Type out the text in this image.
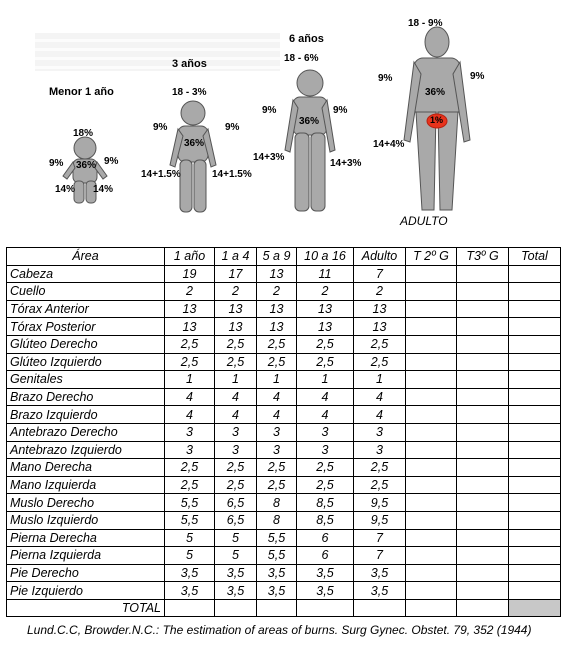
Menor 1 año
3 años
6 años
ADULTO
18%
9%	9%
36%
14% 14%
18 - 3%
9%	9%
36%
14+1.5%	14+1.5%
18 - 6%
9%	9%
36%
14+3%
14+3%
18 - 9%
9%	9%
36%
1%
14+4%
Área	1 año	1 a 4	5 a 9	10 a 16	Adulto	T 2º G	T3º G	Total
Cabeza	19	17	13	11	7			
Cuello	2	2	2	2	2			
Tórax Anterior	13	13	13	13	13			
Tórax Posterior	13	13	13	13	13			
Glúteo Derecho	2,5	2,5	2,5	2,5	2,5			
Glúteo Izquierdo	2,5	2,5	2,5	2,5	2,5			
Genitales	1	1	1	1	1			
Brazo Derecho	4	4	4	4	4			
Brazo Izquierdo	4	4	4	4	4			
Antebrazo Derecho	3	3	3	3	3			
Antebrazo Izquierdo	3	3	3	3	3			
Mano Derecha	2,5	2,5	2,5	2,5	2,5			
Mano Izquierda	2,5	2,5	2,5	2,5	2,5			
Muslo Derecho	5,5	6,5	8	8,5	9,5			
Muslo Izquierdo	5,5	6,5	8	8,5	9,5			
Pierna Derecha	5	5	5,5	6	7			
Pierna Izquierda	5	5	5,5	6	7			
Pie Derecho	3,5	3,5	3,5	3,5	3,5			
Pie Izquierdo	3,5	3,5	3,5	3,5	3,5			
TOTAL								
Lund.C.C, Browder.N.C.: The estimation of areas of burns. Surg Gynec. Obstet. 79, 352 (1944)
